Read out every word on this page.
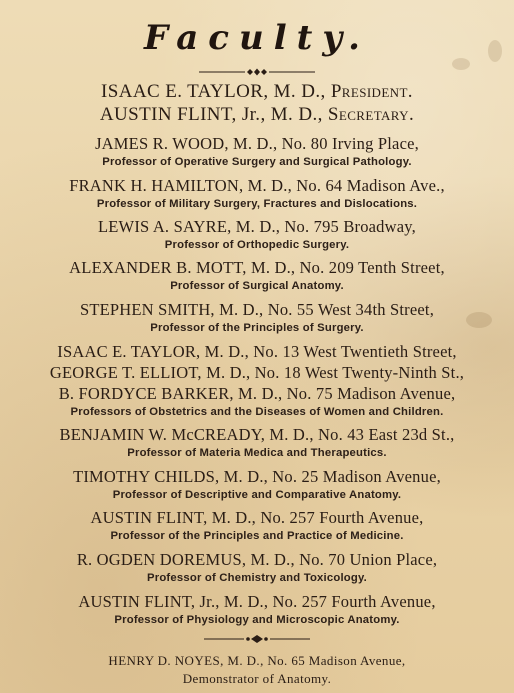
Faculty.
ISAAC E. TAYLOR, M. D., President.
AUSTIN FLINT, Jr., M. D., Secretary.
JAMES R. WOOD, M. D., No. 80 Irving Place,
Professor of Operative Surgery and Surgical Pathology.
FRANK H. HAMILTON, M. D., No. 64 Madison Ave.,
Professor of Military Surgery, Fractures and Dislocations.
LEWIS A. SAYRE, M. D., No. 795 Broadway,
Professor of Orthopedic Surgery.
ALEXANDER B. MOTT, M. D., No. 209 Tenth Street,
Professor of Surgical Anatomy.
STEPHEN SMITH, M. D., No. 55 West 34th Street,
Professor of the Principles of Surgery.
ISAAC E. TAYLOR, M. D., No. 13 West Twentieth Street,
GEORGE T. ELLIOT, M. D., No. 18 West Twenty-Ninth St.,
B. FORDYCE BARKER, M. D., No. 75 Madison Avenue,
Professors of Obstetrics and the Diseases of Women and Children.
BENJAMIN W. McCREADY, M. D., No. 43 East 23d St.,
Professor of Materia Medica and Therapeutics.
TIMOTHY CHILDS, M. D., No. 25 Madison Avenue,
Professor of Descriptive and Comparative Anatomy.
AUSTIN FLINT, M. D., No. 257 Fourth Avenue,
Professor of the Principles and Practice of Medicine.
R. OGDEN DOREMUS, M. D., No. 70 Union Place,
Professor of Chemistry and Toxicology.
AUSTIN FLINT, Jr., M. D., No. 257 Fourth Avenue,
Professor of Physiology and Microscopic Anatomy.
HENRY D. NOYES, M. D., No. 65 Madison Avenue,
Demonstrator of Anatomy.
